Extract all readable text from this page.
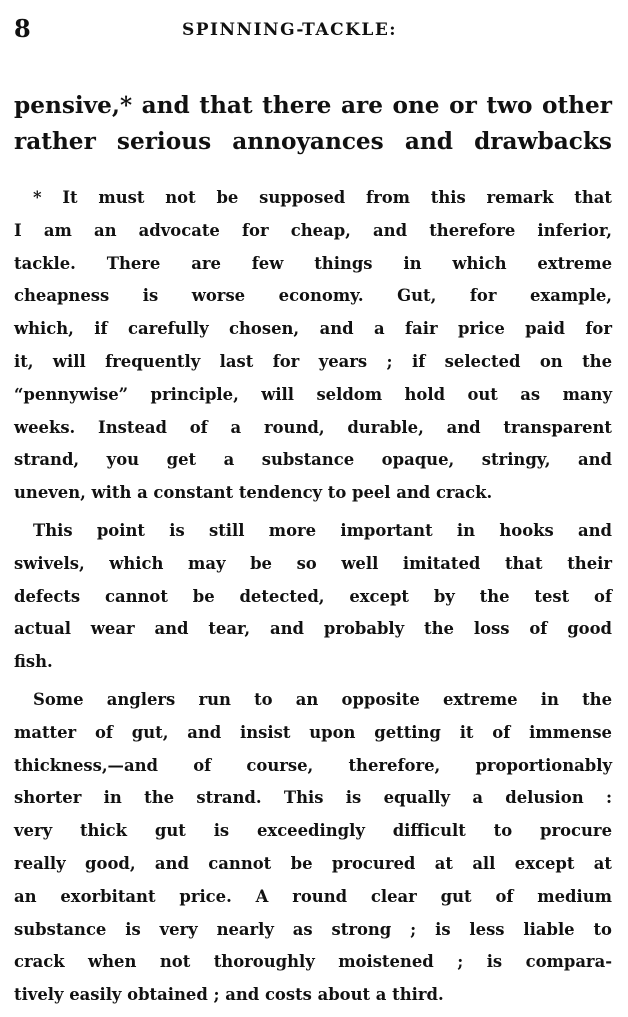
8	SPINNING-TACKLE:
pensive,* and that there are one or two other
rather serious annoyances and drawbacks
* It must not be supposed from this remark that
I am an advocate for cheap, and therefore inferior,
tackle. There are few things in which extreme
cheapness is worse economy. Gut, for example,
which, if carefully chosen, and a fair price paid for
it, will frequently last for years ; if selected on the
“pennywise” principle, will seldom hold out as many
weeks. Instead of a round, durable, and transparent
strand, you get a substance opaque, stringy, and
uneven, with a constant tendency to peel and crack.
This point is still more important in hooks and
swivels, which may be so well imitated that their
defects cannot be detected, except by the test of
actual wear and tear, and probably the loss of good
fish.
Some anglers run to an opposite extreme in the
matter of gut, and insist upon getting it of immense
thickness,—and of course, therefore, proportionably
shorter in the strand. This is equally a delusion :
very thick gut is exceedingly difficult to procure
really good, and cannot be procured at all except at
an exorbitant price. A round clear gut of medium
substance is very nearly as strong ; is less liable to
crack when not thoroughly moistened ; is compara-
tively easily obtained ; and costs about a third.
